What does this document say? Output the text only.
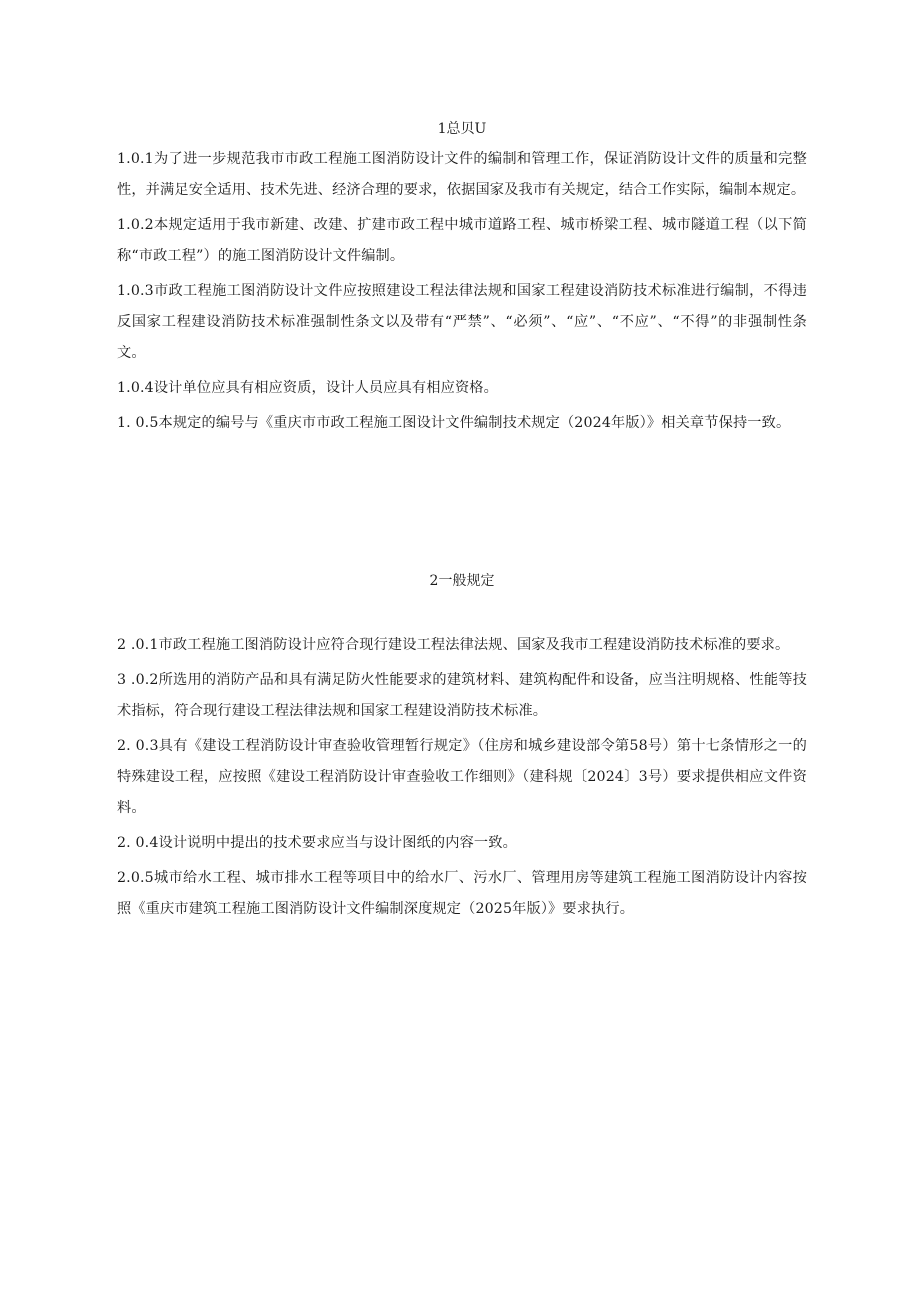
1总贝U

1.0.1为了进一步规范我市市政工程施工图消防设计文件的编制和管理工作，保证消防设计文件的质量和完整性，并满足安全适用、技术先进、经济合理的要求，依据国家及我市有关规定，结合工作实际，编制本规定。

1.0.2本规定适用于我市新建、改建、扩建市政工程中城市道路工程、城市桥梁工程、城市隧道工程（以下简称“市政工程”）的施工图消防设计文件编制。

1.0.3市政工程施工图消防设计文件应按照建设工程法律法规和国家工程建设消防技术标准进行编制，不得违反国家工程建设消防技术标准强制性条文以及带有“严禁”、“必须”、“应”、“不应”、“不得”的非强制性条文。

1.0.4设计单位应具有相应资质，设计人员应具有相应资格。

1. 0.5本规定的编号与《重庆市市政工程施工图设计文件编制技术规定（2024年版）》相关章节保持一致。

2一般规定

2 .0.1市政工程施工图消防设计应符合现行建设工程法律法规、国家及我市工程建设消防技术标准的要求。

3 .0.2所选用的消防产品和具有满足防火性能要求的建筑材料、建筑构配件和设备，应当注明规格、性能等技术指标，符合现行建设工程法律法规和国家工程建设消防技术标准。

2. 0.3具有《建设工程消防设计审查验收管理暂行规定》（住房和城乡建设部令第58号）第十七条情形之一的特殊建设工程，应按照《建设工程消防设计审查验收工作细则》（建科规〔2024〕3号）要求提供相应文件资料。

2. 0.4设计说明中提出的技术要求应当与设计图纸的内容一致。

2.0.5城市给水工程、城市排水工程等项目中的给水厂、污水厂、管理用房等建筑工程施工图消防设计内容按照《重庆市建筑工程施工图消防设计文件编制深度规定（2025年版）》要求执行。
